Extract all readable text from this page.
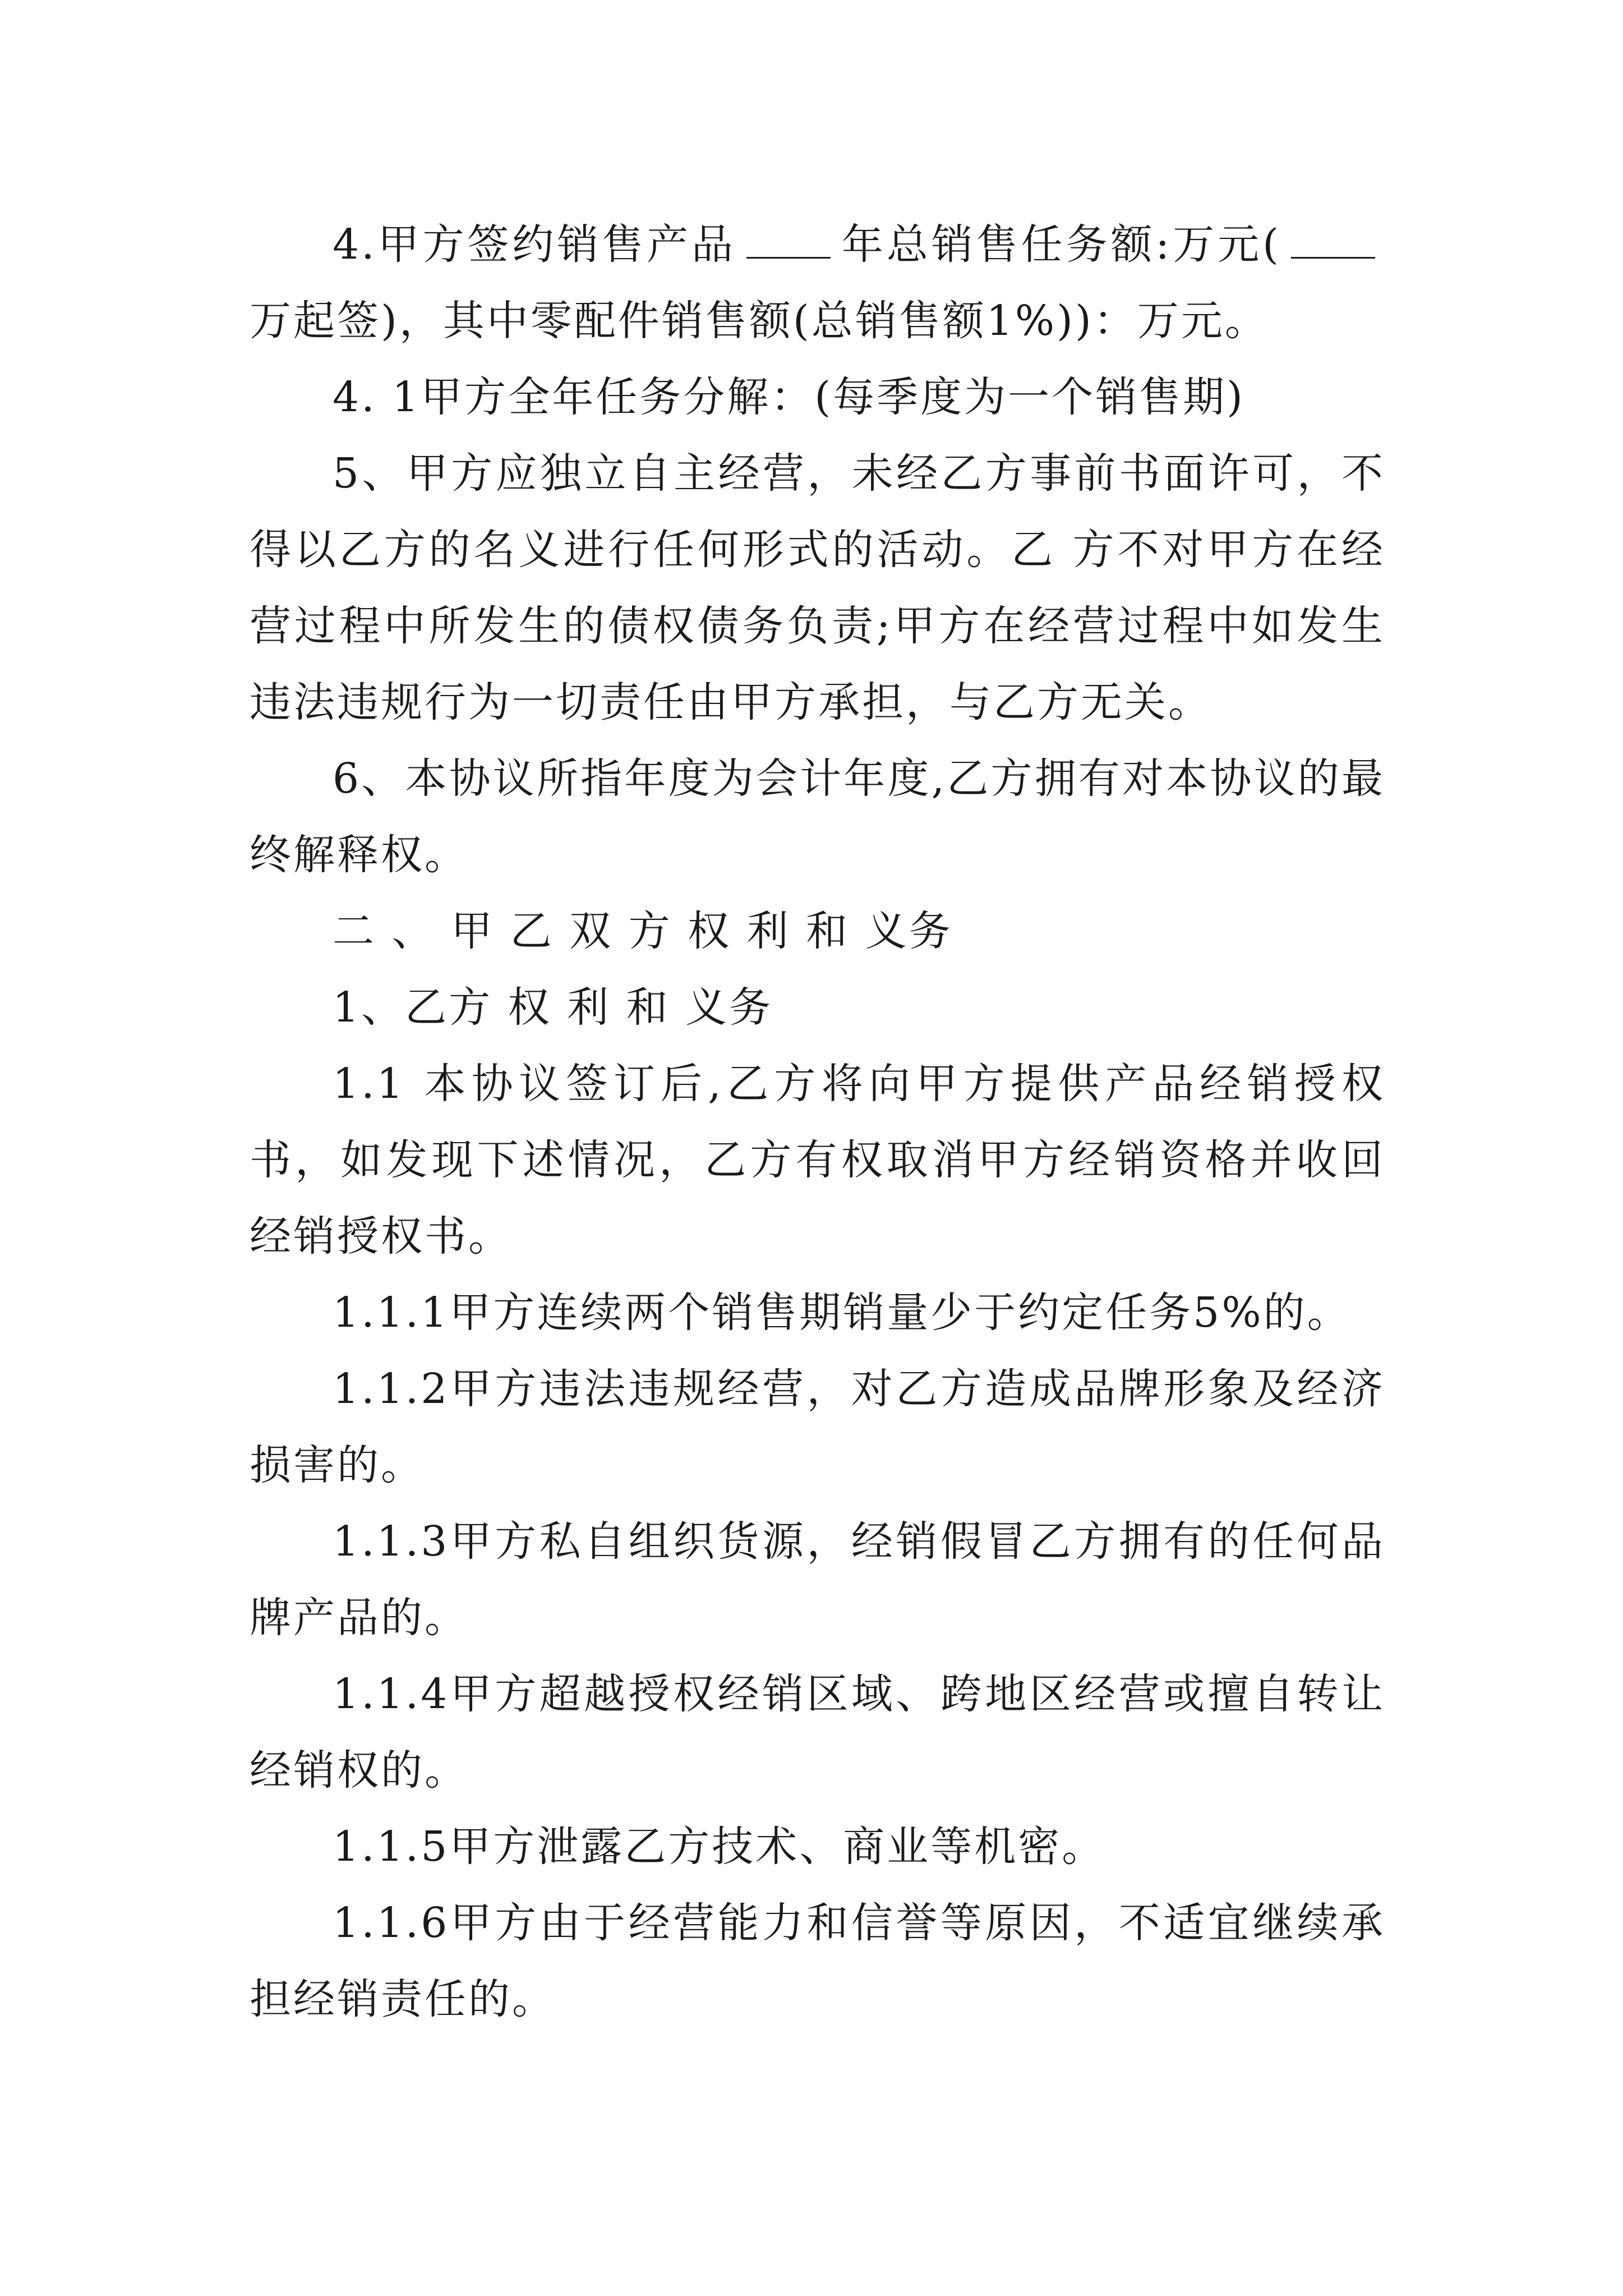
4.甲方签约销售产品	年总销售任务额:万元(万起签)，其中零配件销售额(总销售额1%))：万元。

4. 1甲方全年任务分解：(每季度为一个销售期)

5、甲方应独立自主经营，未经乙方事前书面许可，不得以乙方的名义进行任何形式的活动。乙 方不对甲方在经营过程中所发生的债权债务负责;甲方在经营过程中如发生违法违规行为一切责任由甲方承担，与乙方无关。

6、本协议所指年度为会计年度,乙方拥有对本协议的最终解释权。

二 、 甲 乙 双 方 权 利 和 义务

1、乙方 权 利 和 义务

1.1 本协议签订后,乙方将向甲方提供产品经销授权书，如发现下述情况，乙方有权取消甲方经销资格并收回经销授权书。

1.1.1甲方连续两个销售期销量少于约定任务5%的。

1.1.2甲方违法违规经营，对乙方造成品牌形象及经济损害的。

1.1.3甲方私自组织货源，经销假冒乙方拥有的任何品牌产品的。

1.1.4甲方超越授权经销区域、跨地区经营或擅自转让经销权的。

1.1.5甲方泄露乙方技术、商业等机密。

1.1.6甲方由于经营能力和信誉等原因，不适宜继续承担经销责任的。
